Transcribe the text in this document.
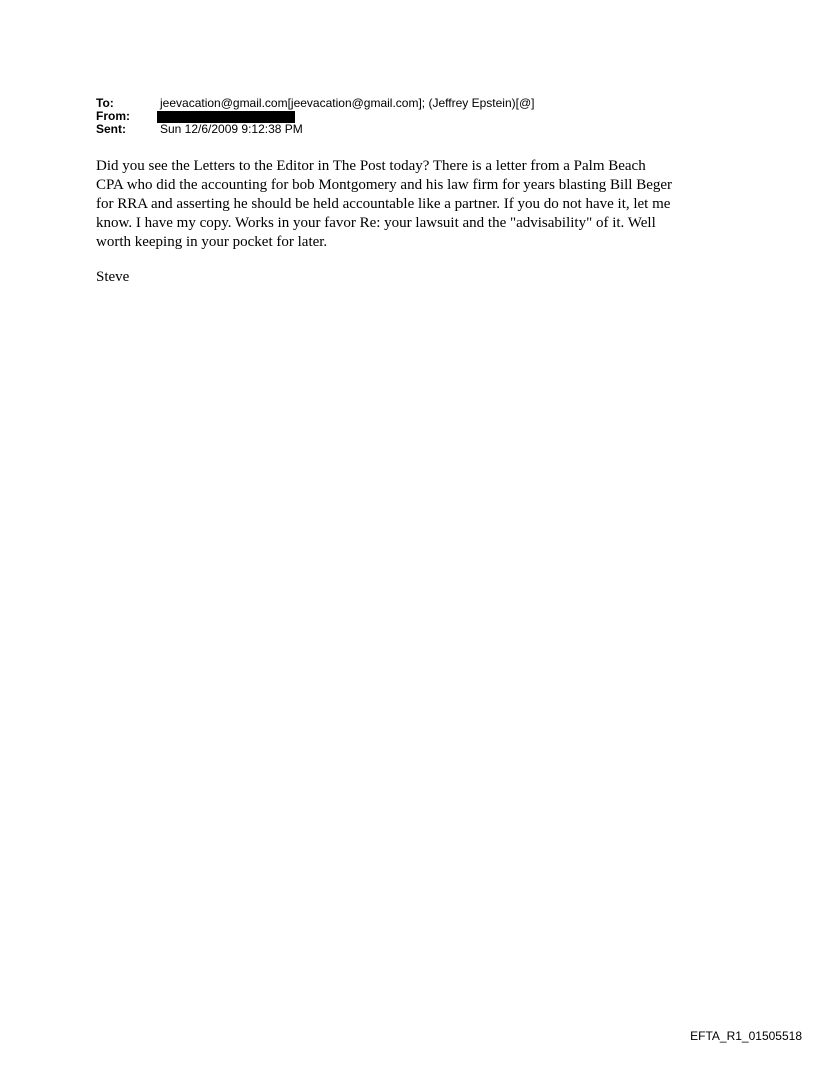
To:	jeevacation@gmail.com[jeevacation@gmail.com]; (Jeffrey Epstein)[@]
From:
Sent:	Sun 12/6/2009 9:12:38 PM

Did you see the Letters to the Editor in The Post today? There is a letter from a Palm Beach

CPA who did the accounting for bob Montgomery and his law firm for years blasting Bill Beger

for RRA and asserting he should be held accountable like a partner. If you do not have it, let me

know. I have my copy. Works in your favor Re: your lawsuit and the "advisability" of it. Well

worth keeping in your pocket for later.

Steve
EFTA_R1_01505518
